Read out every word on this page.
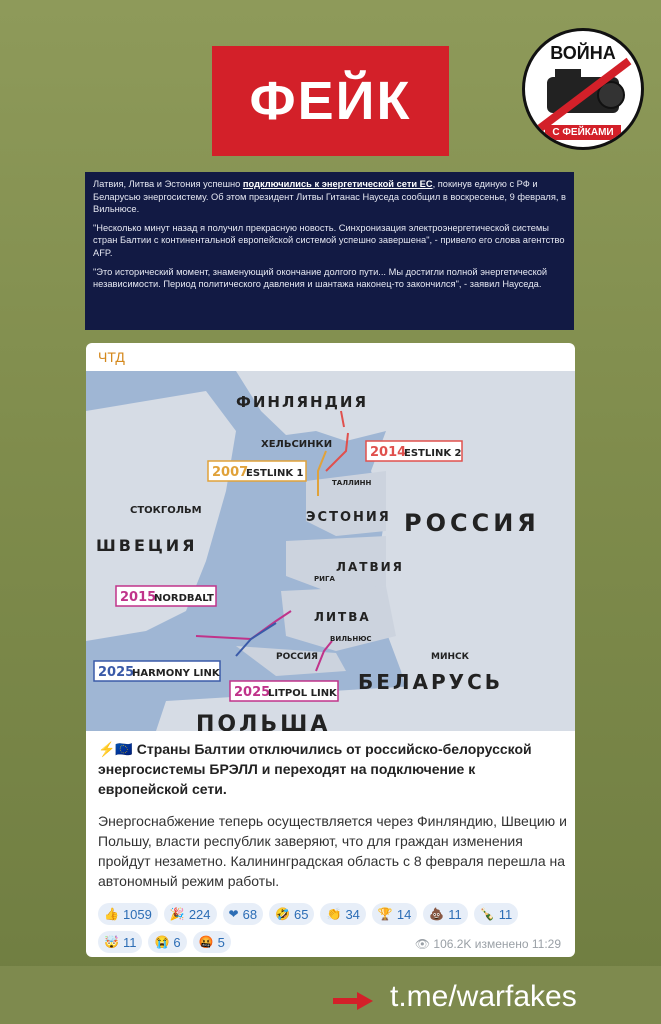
ФЕЙК
ВОЙНА
С ФЕЙКАМИ

Латвия, Литва и Эстония успешно подключились к энергетической сети ЕС, покинув единую с РФ и Беларусью энергосистему. Об этом президент Литвы Гитанас Науседа сообщил в воскресенье, 9 февраля, в Вильнюсе.

"Несколько минут назад я получил прекрасную новость. Синхронизация электроэнергетической системы стран Балтии с континентальной европейской системой успешно завершена", - привело его слова агентство AFP.

"Это исторический момент, знаменующий окончание долгого пути... Мы достигли полной энергетической независимости. Период политического давления и шантажа наконец-то закончился", - заявил Науседа.

ЧТД
ФИНЛЯНДИЯ
РОССИЯ
ШВЕЦИЯ
ЭСТОНИЯ
ЛАТВИЯ
ЛИТВА
БЕЛАРУСЬ
ПОЛЬША
РОССИЯ
ХЕЛЬСИНКИ
ТАЛЛИНН
СТОКГОЛЬМ
РИГА
ВИЛЬНЮС
МИНСК
2014
ESTLINK 2
2007
ESTLINK 1
2015
NORDBALT
2025
HARMONY LINK
2025
LITPOL LINK
⚡️🇪🇺 Страны Балтии отключились от российско-белорусской энергосистемы БРЭЛЛ и переходят на подключение к европейской сети.
Энергоснабжение теперь осуществляется через Финляндию, Швецию и Польшу, власти республик заверяют, что для граждан изменения пройдут незаметно. Калининградская область с 8 февраля перешла на автономный режим работы.
👍 1059 🎉 224 ❤ 68 🤣 65 👏 34 🏆 14 💩 11 🍾 11
🤯 11 😭 6 🤬 5	👁 106.2K изменено 11:29
t.me/warfakes
